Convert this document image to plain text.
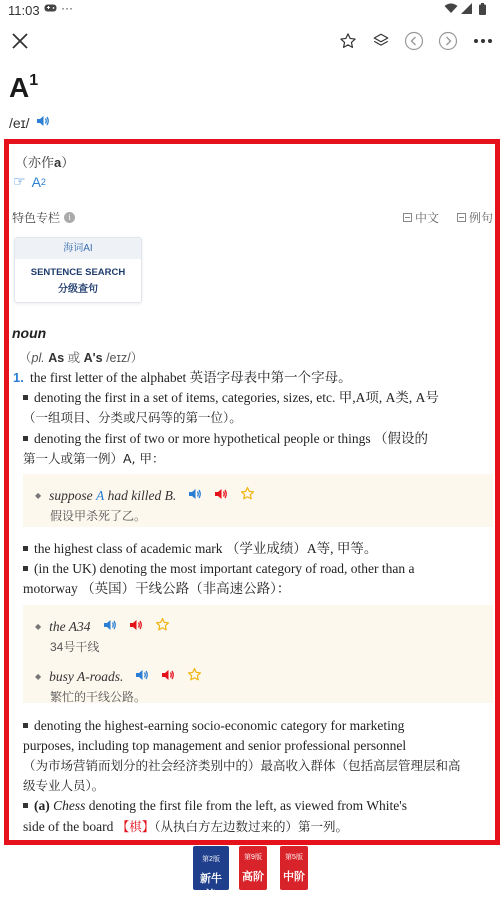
11:03 ···
$A^1$
/eɪ/
（亦作a）
☞ A 2
特色专栏	i	中文 例句
海词AI
SENTENCE SEARCH
分级查句
noun
（pl. As 或 A's /eɪz/）
1. the first letter of the alphabet 英语字母表中第一个字母。
denoting the first in a set of items, categories, sizes, etc. 甲,A项, A类, A号
（一组项目、分类或尺码等的第一位）。
denoting the first of two or more hypothetical people or things （假设的
第一人或第一例）A, 甲：
◆ suppose
A
had killed B.
假设甲杀死了乙。
the highest class of academic mark （学业成绩）A等, 甲等。
(in the UK) denoting the most important category of road, other than a
motorway （英国）干线公路（非高速公路）：
◆ the A34
34号干线
◆ busy A-roads.
繁忙的干线公路。
denoting the highest-earning socio-economic category for marketing
purposes, including top management and senior professional personnel
（为市场营销而划分的社会经济类别中的）最高收入群体（包括高层管理层和高
级专业人员）。
(a) Chess denoting the first file from the left, as viewed from White's
side of the board 【棋】（从执白方左边数过来的）第一列。
第2版
新牛津
第9版
高阶
第5版
中阶
